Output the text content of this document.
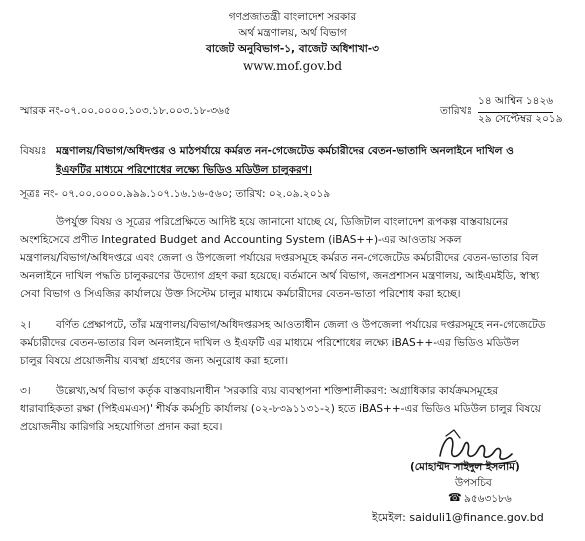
গণপ্রজাতন্ত্রী বাংলাদেশ সরকার

অর্থ মন্ত্রণালয়, অর্থ বিভাগ

বাজেট অনুবিভাগ-১, বাজেট অধিশাখা-৩

www.mof.gov.bd

স্মারক নং-০৭.০০.০০০০.১০৩.১৮.০০৩.১৮-৩৬৫	তারিখঃ

১৪ আশ্বিন ১৪২৬

২৯ সেপ্টেম্বর ২০১৯

বিষয়ঃ মন্ত্রণালয়/বিভাগ/অধিদপ্তর ও মাঠপর্যায়ে কর্মরত নন-গেজেটেড কর্মচারীদের বেতন-ভাতাদি অনলাইনে দাখিল ও

ইএফটির মাধ্যমে পরিশোধের লক্ষ্যে ভিডিও মডিউল চালুকরণ।

সূত্রঃ নং- ০৭.০০.০০০০.৯৯৯.১০৭.১৬.১৬-৫৬০; তারিখ: ০২.০৯.২০১৯

উপর্যুক্ত বিষয় ও সূত্রের পরিপ্রেক্ষিতে আদিষ্ট হয়ে জানানো যাচ্ছে যে, ডিজিটাল বাংলাদেশ রূপকল্প বাস্তবায়নের

অংশহিসেবে প্রণীত Integrated Budget and Accounting System (iBAS++)-এর আওতায় সকল

মন্ত্রণালয়/বিভাগ/অধিদপ্তরে এবং জেলা ও উপজেলা পর্যায়ের দপ্তরসমূহে কর্মরত নন-গেজেটেড কর্মচারীদের বেতন-ভাতার বিল

অনলাইনে দাখিল পদ্ধতি চালুকরণের উদ্যোগ গ্রহণ করা হয়েছে। বর্তমানে অর্থ বিভাগ, জনপ্রশাসন মন্ত্রণালয়, আইএমইডি, স্বাস্থ্য

সেবা বিভাগ ও সিএজির কার্যালয়ে উক্ত সিস্টেম চালুর মাধ্যমে কর্মচারীদের বেতন-ভাতা পরিশোধ করা হচ্ছে।

২। বর্ণিত প্রেক্ষাপটে, তাঁর মন্ত্রণালয়/বিভাগ/অধিদপ্তরসহ আওতাধীন জেলা ও উপজেলা পর্যায়ের দপ্তরসমূহে নন-গেজেটেড

কর্মচারীদের বেতন-ভাতার বিল অনলাইনে দাখিল ও ইএফটি এর মাধ্যমে পরিশোধের লক্ষ্যে iBAS++-এর ভিডিও মডিউল

চালুর বিষয়ে প্রয়োজনীয় ব্যবস্থা গ্রহণের জন্য অনুরোধ করা হলো।

৩। উল্লেখ্য,অর্থ বিভাগ কর্তৃক বাস্তবায়নাধীন 'সরকারি ব্যয় ব্যবস্থাপনা শক্তিশালীকরণ: অগ্রাধিকার কার্যক্রমসমূহের

ধারাবাহিকতা রক্ষা (পিইএমএস)' শীর্ষক কর্মসূচি কার্যালয় (০২-৮৩৯১১৩১-২) হতে iBAS++-এর ভিডিও মডিউল চালুর বিষয়ে

প্রয়োজনীয় কারিগরি সহযোগিতা প্রদান করা হবে।

(মোহাম্মদ সাইদুল ইসলাম)

উপসচিব

☎ ৯৫৬৩১৮৬

ইমেইল: saiduli1@finance.gov.bd
